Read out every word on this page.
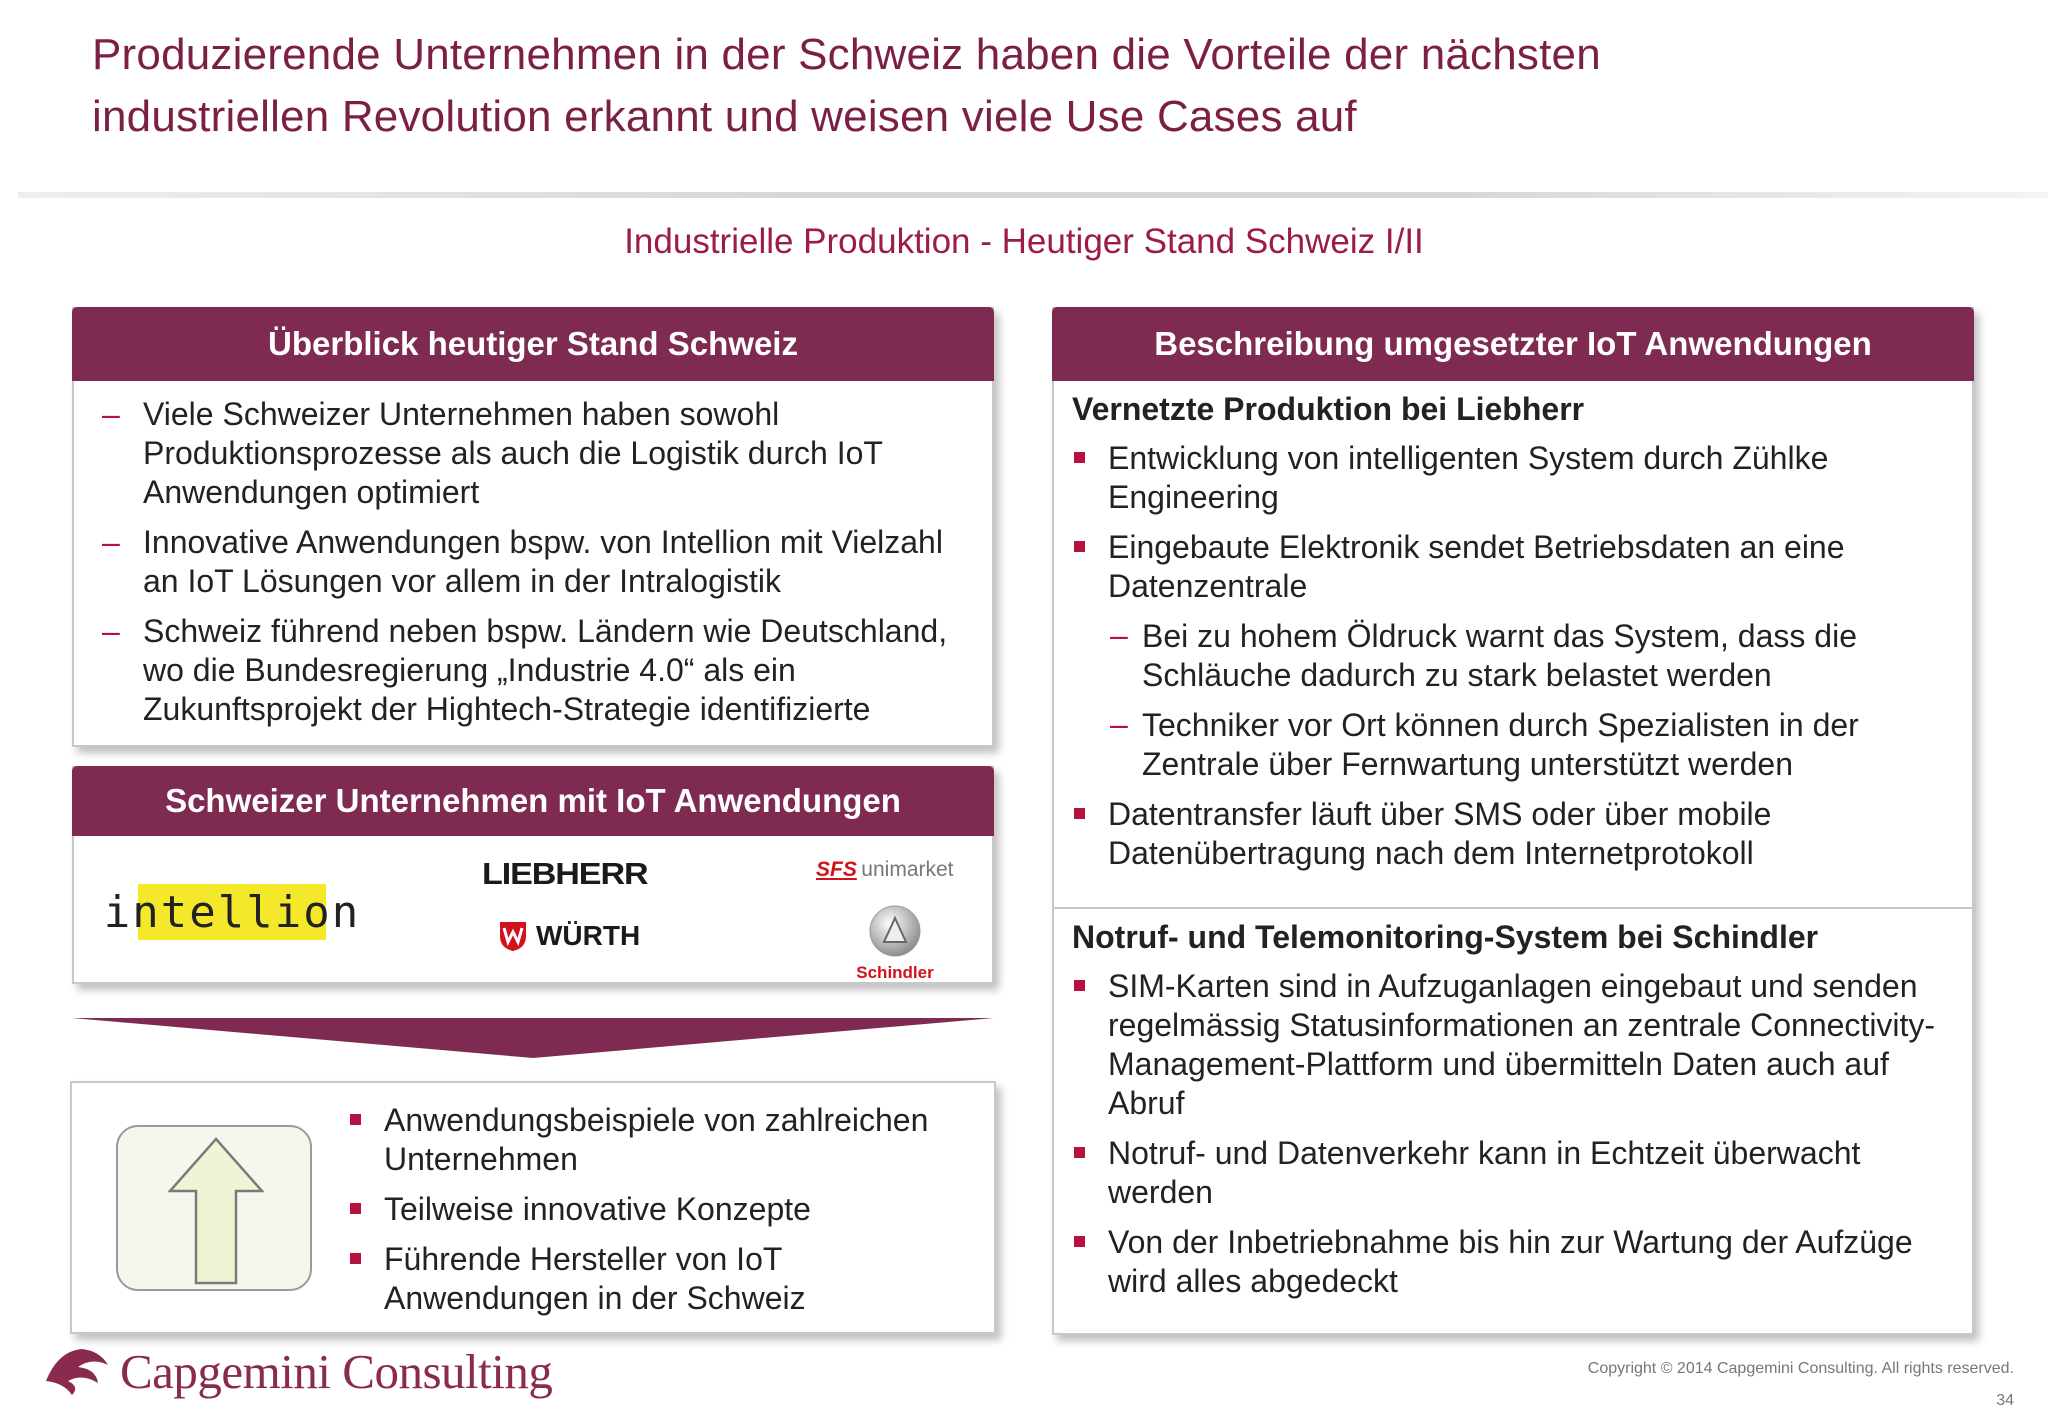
Produzierende Unternehmen in der Schweiz haben die Vorteile der nächsten
industriellen Revolution erkannt und weisen viele Use Cases auf
Industrielle Produktion - Heutiger Stand Schweiz I/II
Überblick heutiger Stand Schweiz
– Viele Schweizer Unternehmen haben sowohl Produktionsprozesse als auch die Logistik durch IoT Anwendungen optimiert
– Innovative Anwendungen bspw. von Intellion mit Vielzahl an IoT Lösungen vor allem in der Intralogistik
– Schweiz führend neben bspw. Ländern wie Deutschland, wo die Bundesregierung „Industrie 4.0“ als ein Zukunftsprojekt der Hightech-Strategie identifizierte
Schweizer Unternehmen mit IoT Anwendungen
intellion
LIEBHERR
WÜRTH
SFS unimarket
Schindler
Anwendungsbeispiele von zahlreichen Unternehmen
Teilweise innovative Konzepte
Führende Hersteller von IoT Anwendungen in der Schweiz
Beschreibung umgesetzter IoT Anwendungen
Vernetzte Produktion bei Liebherr
Entwicklung von intelligenten System durch Zühlke Engineering
Eingebaute Elektronik sendet Betriebsdaten an eine Datenzentrale
– Bei zu hohem Öldruck warnt das System, dass die Schläuche dadurch zu stark belastet werden
– Techniker vor Ort können durch Spezialisten in der Zentrale über Fernwartung unterstützt werden
Datentransfer läuft über SMS oder über mobile Datenübertragung nach dem Internetprotokoll
Notruf- und Telemonitoring-System bei Schindler
SIM-Karten sind in Aufzuganlagen eingebaut und senden regelmässig Statusinformationen an zentrale Connectivity-Management-Plattform und übermitteln Daten auch auf Abruf
Notruf- und Datenverkehr kann in Echtzeit überwacht werden
Von der Inbetriebnahme bis hin zur Wartung der Aufzüge wird alles abgedeckt
Capgemini Consulting	Copyright © 2014 Capgemini Consulting. All rights reserved.
34
